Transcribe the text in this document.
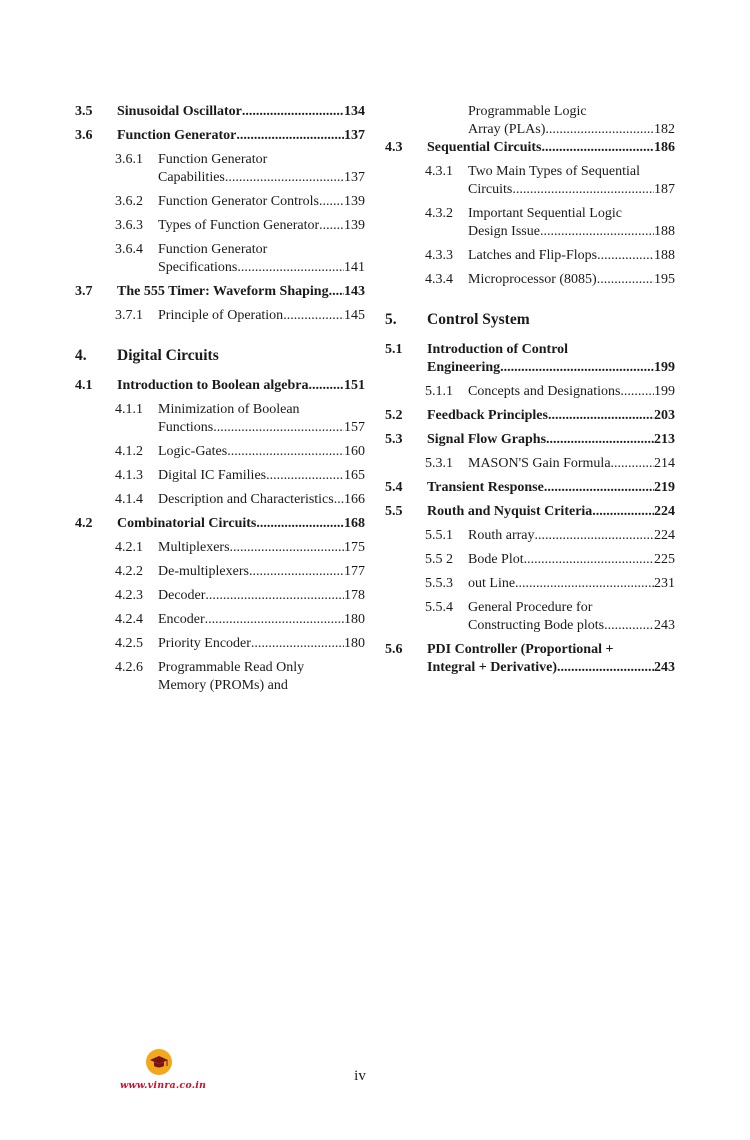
3.5 Sinusoidal Oscillator .....	134
3.6 Function Generator .....	137
3.6.1 Function Generator
Capabilities .....	137
3.6.2 Function Generator Controls ..... 139
3.6.3 Types of Function Generator ..... 139
3.6.4 Function Generator
Specifications .....	141
3.7 The 555 Timer: Waveform Shaping ..... 143
3.7.1 Principle of Operation .....	145
4. Digital Circuits
4.1 Introduction to Boolean algebra .....	151
4.1.1 Minimization of Boolean
Functions .....	157
4.1.2 Logic-Gates .....	160
4.1.3 Digital IC Families .....	165
4.1.4 Description and Characteristics ..... 166
4.2 Combinatorial Circuits .....	168
4.2.1 Multiplexers .....	175
4.2.2 De-multiplexers .....	177
4.2.3 Decoder .....	178
4.2.4 Encoder .....	180
4.2.5 Priority Encoder .....	180
4.2.6 Programmable Read Only
Memory (PROMs) and
Programmable Logic
Array (PLAs) .....	182
4.3 Sequential Circuits .....	186
4.3.1 Two Main Types of Sequential
Circuits .....	187
4.3.2 Important Sequential Logic
Design Issue .....	188
4.3.3 Latches and Flip-Flops .....	188
4.3.4 Microprocessor (8085) .....	195
5. Control System
5.1 Introduction of Control
Engineering .....	199
5.1.1 Concepts and Designations ..... 199
5.2 Feedback Principles .....	203
5.3 Signal Flow Graphs .....	213
5.3.1 MASON'S Gain Formula .....	214
5.4 Transient Response .....	219
5.5 Routh and Nyquist Criteria .....	224
5.5.1 Routh array .....	224
5.5 2 Bode Plot .....	225
5.5.3 out Line .....	231
5.5.4 General Procedure for
Constructing Bode plots. .....	243
5.6 PDI Controller (Proportional +
Integral + Derivative) .....	243
www.vinra.co.in
iv
